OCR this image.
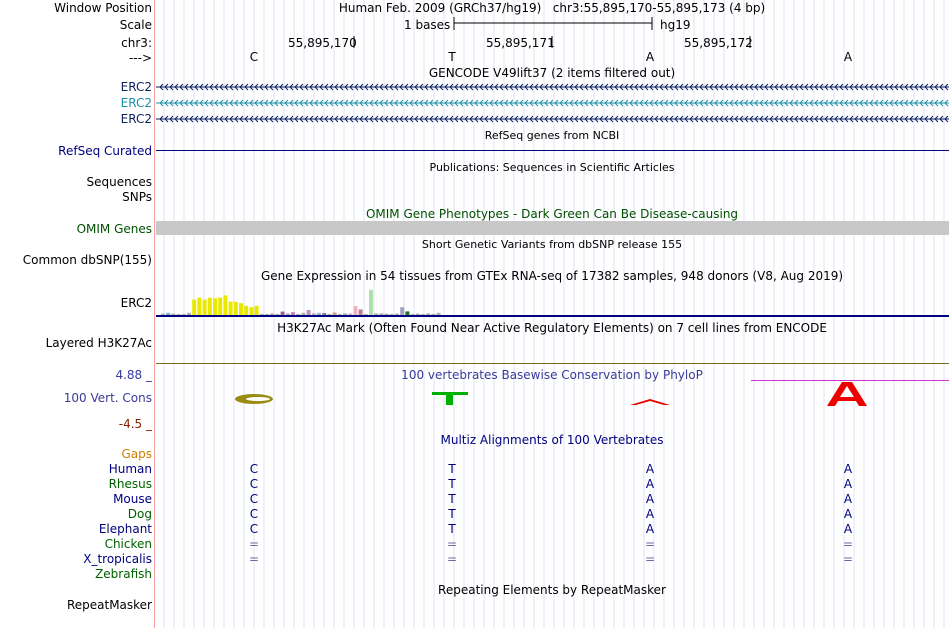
Window Position	Human Feb. 2009 (GRCh37/hg19)   chr3:55,895,170-55,895,173 (4 bp)
Scale	1 bases	hg19
chr3:	55,895,170	55,895,171	55,895,172
--->	C	T	A	A
GENCODE V49lift37 (2 items filtered out)
ERC2
ERC2
ERC2
RefSeq genes from NCBI
RefSeq Curated
Publications: Sequences in Scientific Articles
Sequences
SNPs
OMIM Gene Phenotypes - Dark Green Can Be Disease-causing
OMIM Genes
Short Genetic Variants from dbSNP release 155
Common dbSNP(155)
Gene Expression in 54 tissues from GTEx RNA-seq of 17382 samples, 948 donors (V8, Aug 2019)
ERC2
H3K27Ac Mark (Often Found Near Active Regulatory Elements) on 7 cell lines from ENCODE
Layered H3K27Ac
100 vertebrates Basewise Conservation by PhyloP
4.88 _
100 Vert. Cons
-4.5 _
Multiz Alignments of 100 Vertebrates
Gaps
Human	C	T	A	A
Rhesus	C	T	A	A
Mouse	C	T	A	A
Dog	C	T	A	A
Elephant	C	T	A	A
Chicken	=	=	=	=
X_tropicalis	=	=	=	=
Zebrafish
Repeating Elements by RepeatMasker
RepeatMasker
